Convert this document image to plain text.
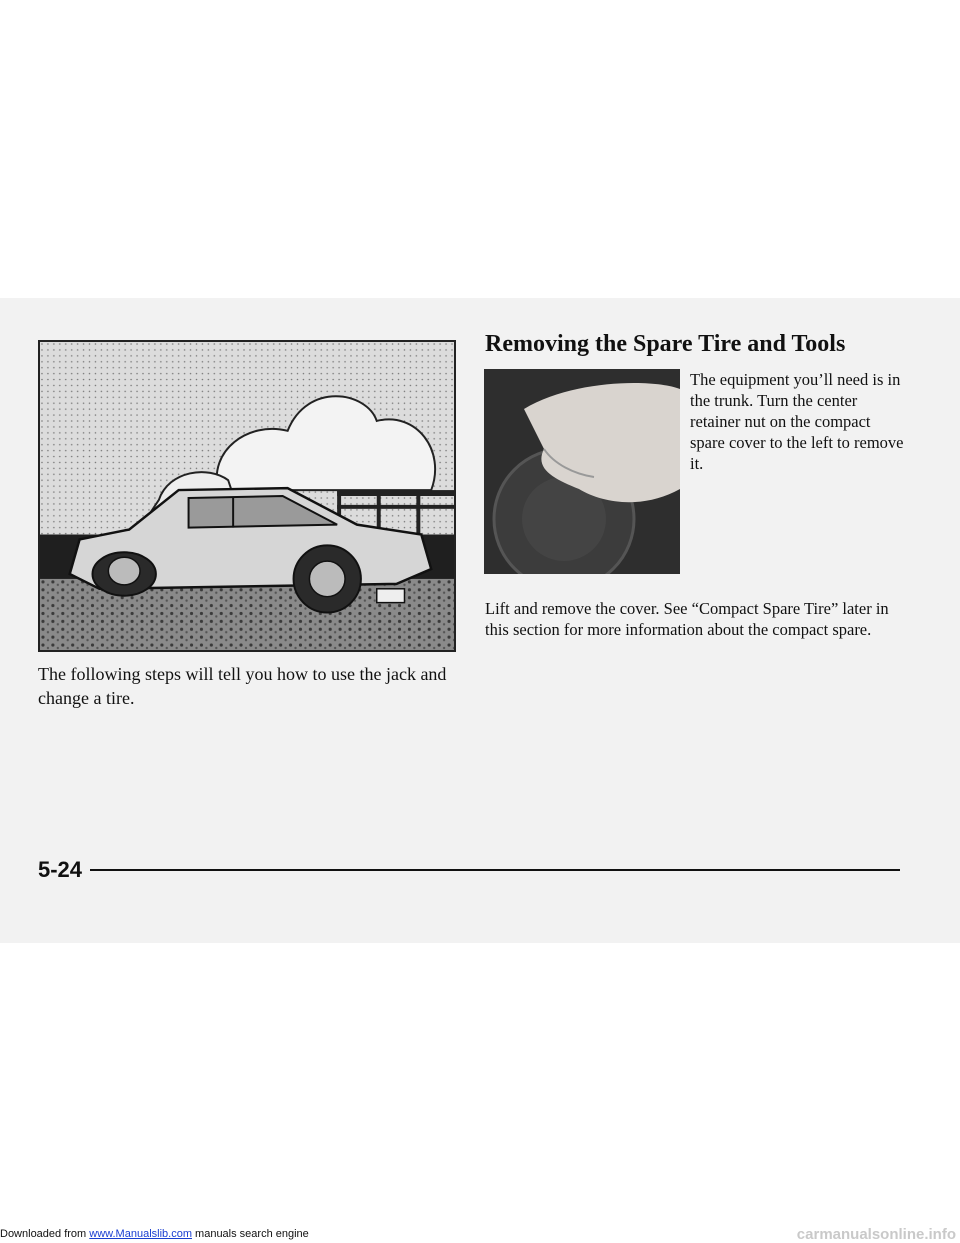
Removing the Spare Tire and Tools

The equipment you’ll need is in the trunk. Turn the center retainer nut on the compact spare cover to the left to remove it.

Lift and remove the cover. See “Compact Spare Tire” later in this section for more information about the compact spare.

The following steps will tell you how to use the jack and change a tire.

5-24
Downloaded from www.Manualslib.com manuals search engine	carmanualsonline.info
